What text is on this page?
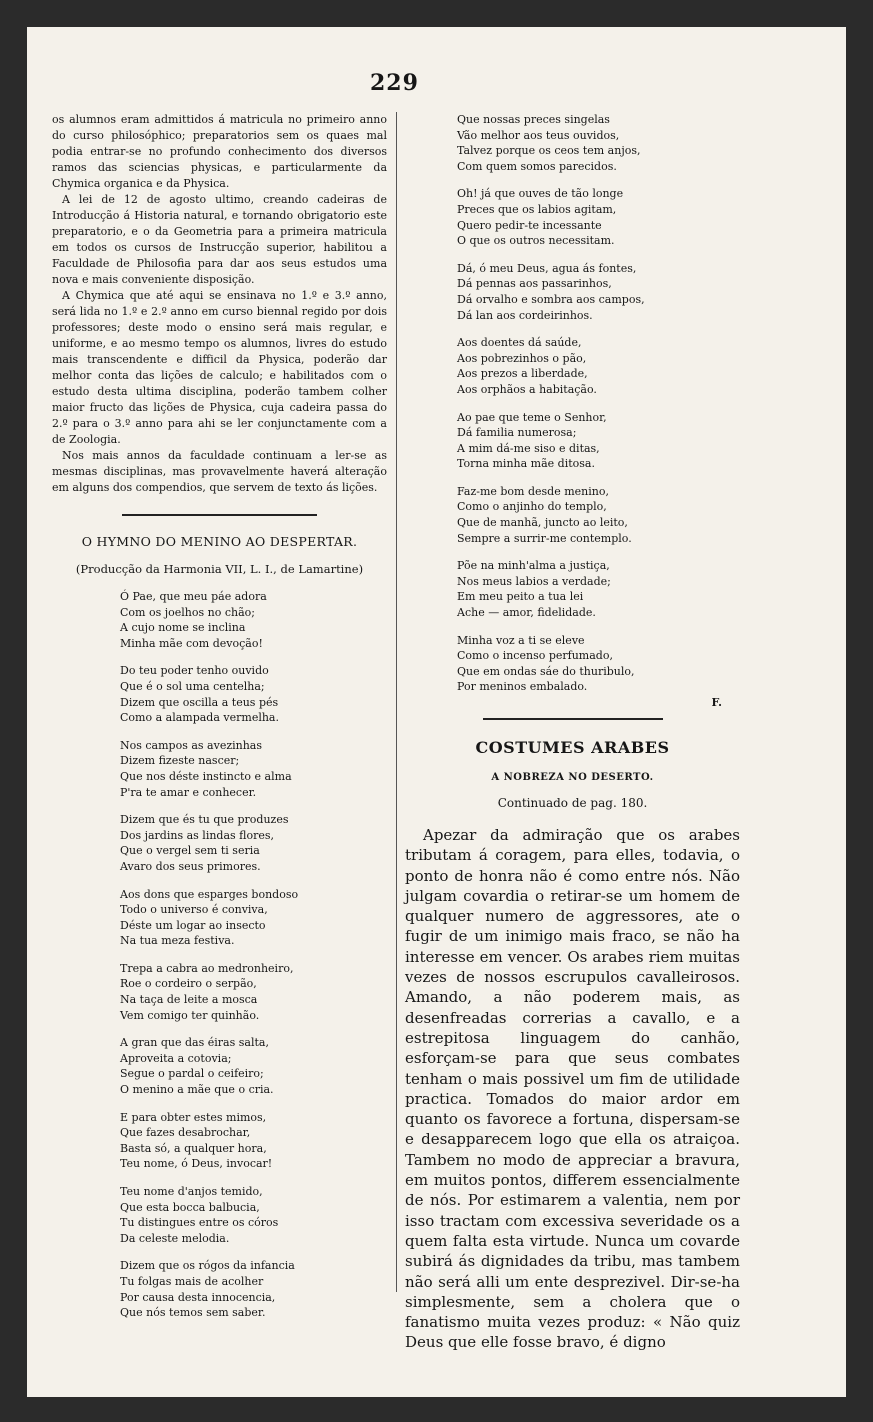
229

os alumnos eram admittidos á matricula no primeiro anno do curso philosóphico; preparatorios sem os quaes mal podia entrar-se no profundo conhecimento dos diversos ramos das sciencias physicas, e particularmente da Chymica organica e da Physica.

A lei de 12 de agosto ultimo, creando cadeiras de Introducção á Historia natural, e tornando obrigatorio este preparatorio, e o da Geometria para a primeira matricula em todos os cursos de Instrucção superior, habilitou a Faculdade de Philosofia para dar aos seus estudos uma nova e mais conveniente disposição.

A Chymica que até aqui se ensinava no 1.º e 3.º anno, será lida no 1.º e 2.º anno em curso biennal regido por dois professores; deste modo o ensino será mais regular, e uniforme, e ao mesmo tempo os alumnos, livres do estudo mais transcendente e difficil da Physica, poderão dar melhor conta das lições de calculo; e habilitados com o estudo desta ultima disciplina, poderão tambem colher maior fructo das lições de Physica, cuja cadeira passa do 2.º para o 3.º anno para ahi se ler conjunctamente com a de Zoologia.

Nos mais annos da faculdade continuam a ler-se as mesmas disciplinas, mas provavelmente haverá alteração em alguns dos compendios, que servem de texto ás lições.

O HYMNO DO MENINO AO DESPERTAR.

(Producção da Harmonia VII, L. I., de Lamartine)

Ó Pae, que meu páe adora
Com os joelhos no chão;
A cujo nome se inclina
Minha mãe com devoção!
Do teu poder tenho ouvido
Que é o sol uma centelha;
Dizem que oscilla a teus pés
Como a alampada vermelha.
Nos campos as avezinhas
Dizem fizeste nascer;
Que nos déste instincto e alma
P'ra te amar e conhecer.
Dizem que és tu que produzes
Dos jardins as lindas flores,
Que o vergel sem ti seria
Avaro dos seus primores.
Aos dons que esparges bondoso
Todo o universo é conviva,
Déste um logar ao insecto
Na tua meza festiva.
Trepa a cabra ao medronheiro,
Roe o cordeiro o serpão,
Na taça de leite a mosca
Vem comigo ter quinhão.
A gran que das éiras salta,
Aproveita a cotovia;
Segue o pardal o ceifeiro;
O menino a mãe que o cria.
E para obter estes mimos,
Que fazes desabrochar,
Basta só, a qualquer hora,
Teu nome, ó Deus, invocar!
Teu nome d'anjos temido,
Que esta bocca balbucia,
Tu distingues entre os córos
Da celeste melodia.
Dizem que os rógos da infancia
Tu folgas mais de acolher
Por causa desta innocencia,
Que nós temos sem saber.
Que nossas preces singelas
Vão melhor aos teus ouvidos,
Talvez porque os ceos tem anjos,
Com quem somos parecidos.
Oh! já que ouves de tão longe
Preces que os labios agitam,
Quero pedir-te incessante
O que os outros necessitam.
Dá, ó meu Deus, agua ás fontes,
Dá pennas aos passarinhos,
Dá orvalho e sombra aos campos,
Dá lan aos cordeirinhos.
Aos doentes dá saúde,
Aos pobrezinhos o pão,
Aos prezos a liberdade,
Aos orphãos a habitação.
Ao pae que teme o Senhor,
Dá familia numerosa;
A mim dá-me siso e ditas,
Torna minha mãe ditosa.
Faz-me bom desde menino,
Como o anjinho do templo,
Que de manhã, juncto ao leito,
Sempre a surrir-me contemplo.
Põe na minh'alma a justiça,
Nos meus labios a verdade;
Em meu peito a tua lei
Ache — amor, fidelidade.
Minha voz a ti se eleve
Como o incenso perfumado,
Que em ondas sáe do thuribulo,
Por meninos embalado.
F.
COSTUMES ARABES

A NOBREZA NO DESERTO.

Continuado de pag. 180.

Apezar da admiração que os arabes tributam á coragem, para elles, todavia, o ponto de honra não é como entre nós. Não julgam covardia o retirar-se um homem de qualquer numero de aggressores, ate o fugir de um inimigo mais fraco, se não ha interesse em vencer. Os arabes riem muitas vezes de nossos escrupulos cavalleirosos. Amando, a não poderem mais, as desenfreadas correrias a cavallo, e a estrepitosa linguagem do canhão, esforçam-se para que seus combates tenham o mais possivel um fim de utilidade practica. Tomados do maior ardor em quanto os favorece a fortuna, dispersam-se e desapparecem logo que ella os atraiçoa. Tambem no modo de appreciar a bravura, em muitos pontos, differem essencialmente de nós. Por estimarem a valentia, nem por isso tractam com excessiva severidade os a quem falta esta virtude. Nunca um covarde subirá ás dignidades da tribu, mas tambem não será alli um ente desprezivel. Dir-se-ha simplesmente, sem a cholera que o fanatismo muita vezes produz: « Não quiz Deus que elle fosse bravo, é digno
